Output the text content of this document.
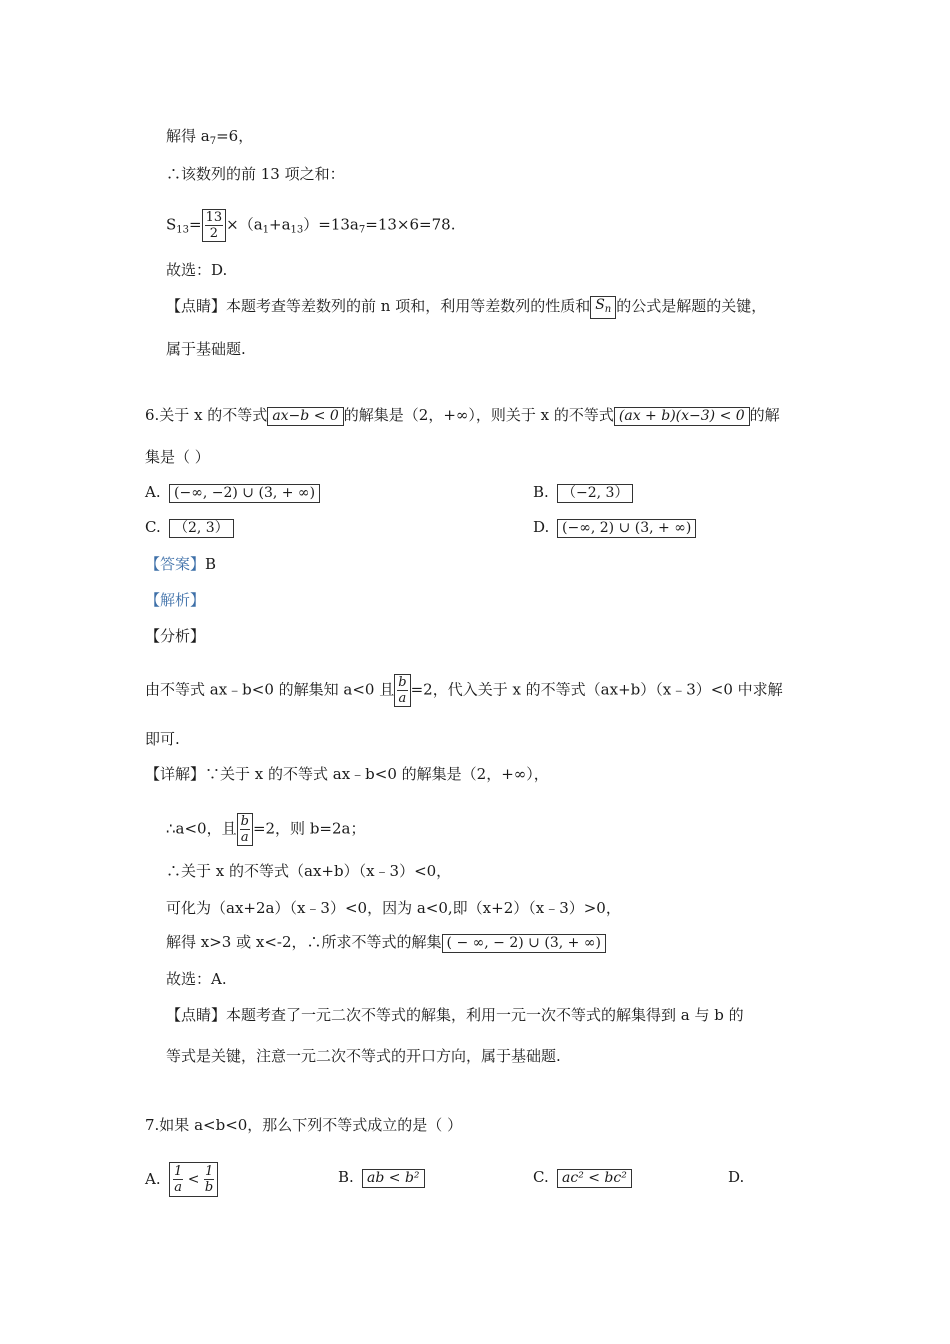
解得 $a_7=6$，
∴该数列的前 13 项之和：
$S_{13}= \frac{13}{2} \times(a_1+a_{13})=13a_7=13\times 6=78$.
故选：D.
【点睛】本题考查等差数列的前 n 项和，利用等差数列的性质和 $S_n$ 的公式是解题的关键，
属于基础题.
6.关于 x 的不等式 ax−b < 0 的解集是（2，+∞），则关于 x 的不等式 (ax + b)(x−3) < 0 的解
集是（ ）
A. (−∞, −2) ∪ (3, + ∞)	B. （−2, 3）
C. （2, 3）	D. (−∞, 2) ∪ (3, + ∞)
【答案】B
【解析】
【分析】
由不等式 ax﹣b<0 的解集知 a<0 且 $\frac{b}{a} =2$，代入关于 x 的不等式（ax+b）（x﹣3）<0 中求解
即可.
【详解】∵关于 x 的不等式 ax﹣b<0 的解集是（2，+∞），
∴a<0，且 $\frac{b}{a} =2$，则 b=2a；
∴关于 x 的不等式（ax+b）（x﹣3）<0，
可化为（ax+2a）（x﹣3）<0，因为 a<0,即（x+2）（x﹣3）>0，
解得 x>3 或 x<-2，∴所求不等式的解集 ( − ∞, − 2) ∪ (3, + ∞)
故选：A.
【点睛】本题考查了一元二次不等式的解集，利用一元一次不等式的解集得到 a 与 b 的
等式是关键，注意一元二次不等式的开口方向，属于基础题.
7.如果 a<b<0，那么下列不等式成立的是（ ）
A. $\frac{1}{a} < \frac{1}{b}$	B. ab < b²	C. ac² < bc²	D.
